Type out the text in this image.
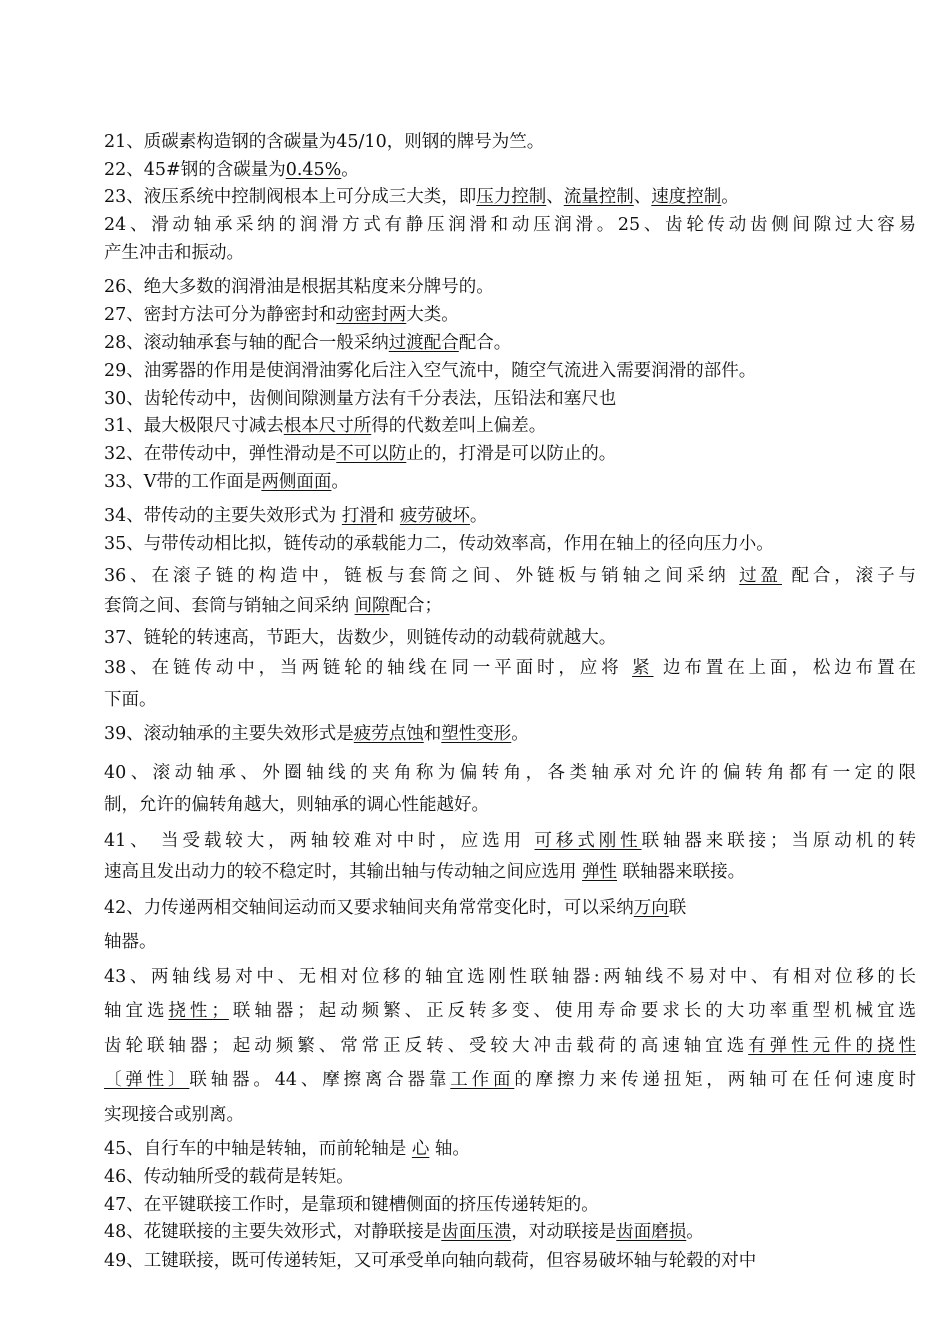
21、质碳素构造钢的含碳量为45/10，则钢的牌号为竺。
22、45#钢的含碳量为0.45%。
23、液压系统中控制阀根本上可分成三大类，即压力控制、流量控制、速度控制。
24、滑动轴承采纳的润滑方式有静压润滑和动压润滑。25、齿轮传动齿侧间隙过大容易
产生冲击和振动。
26、绝大多数的润滑油是根据其粘度来分牌号的。
27、密封方法可分为静密封和动密封两大类。
28、滚动轴承套与轴的配合一般采纳过渡配合配合。
29、油雾器的作用是使润滑油雾化后注入空气流中，随空气流进入需要润滑的部件。
30、齿轮传动中，齿侧间隙测量方法有千分表法，压铅法和塞尺也
31、最大极限尺寸减去根本尺寸所得的代数差叫上偏差。
32、在带传动中，弹性滑动是不可以防止的，打滑是可以防止的。
33、V带的工作面是两侧面面。
34、带传动的主要失效形式为 打滑和 疲劳破坏。
35、与带传动相比拟，链传动的承载能力二，传动效率高，作用在轴上的径向压力小。
36、在滚子链的构造中，链板与套筒之间、外链板与销轴之间采纳 过盈 配合，滚子与
套筒之间、套筒与销轴之间采纳 间隙配合；
37、链轮的转速高，节距大，齿数少，则链传动的动载荷就越大。
38、在链传动中，当两链轮的轴线在同一平面时，应将 紧 边布置在上面，松边布置在
下面。
39、滚动轴承的主要失效形式是疲劳点蚀和塑性变形。
40、滚动轴承、外圈轴线的夹角称为偏转角，各类轴承对允许的偏转角都有一定的限
制，允许的偏转角越大，则轴承的调心性能越好。
41、 当受载较大，两轴较难对中时，应选用 可移式刚性联轴器来联接；当原动机的转
速高且发出动力的较不稳定时，其输出轴与传动轴之间应选用 弹性 联轴器来联接。
42、力传递两相交轴间运动而又要求轴间夹角常常变化时，可以采纳万向联
轴器。
43、两轴线易对中、无相对位移的轴宜选刚性联轴器:两轴线不易对中、有相对位移的长
轴宜选挠性；联轴器；起动频繁、正反转多变、使用寿命要求长的大功率重型机械宜选
齿轮联轴器；起动频繁、常常正反转、受较大冲击载荷的高速轴宜选有弹性元件的挠性
〔弹性〕联轴器。44、摩擦离合器靠工作面的摩擦力来传递扭矩，两轴可在任何速度时
实现接合或别离。
45、自行车的中轴是转轴，而前轮轴是 心 轴。
46、传动轴所受的载荷是转矩。
47、在平键联接工作时，是靠顼和键槽侧面的挤压传递转矩的。
48、花键联接的主要失效形式，对静联接是齿面压溃，对动联接是齿面磨损。
49、工键联接，既可传递转矩，又可承受单向轴向载荷，但容易破坏轴与轮毂的对中
